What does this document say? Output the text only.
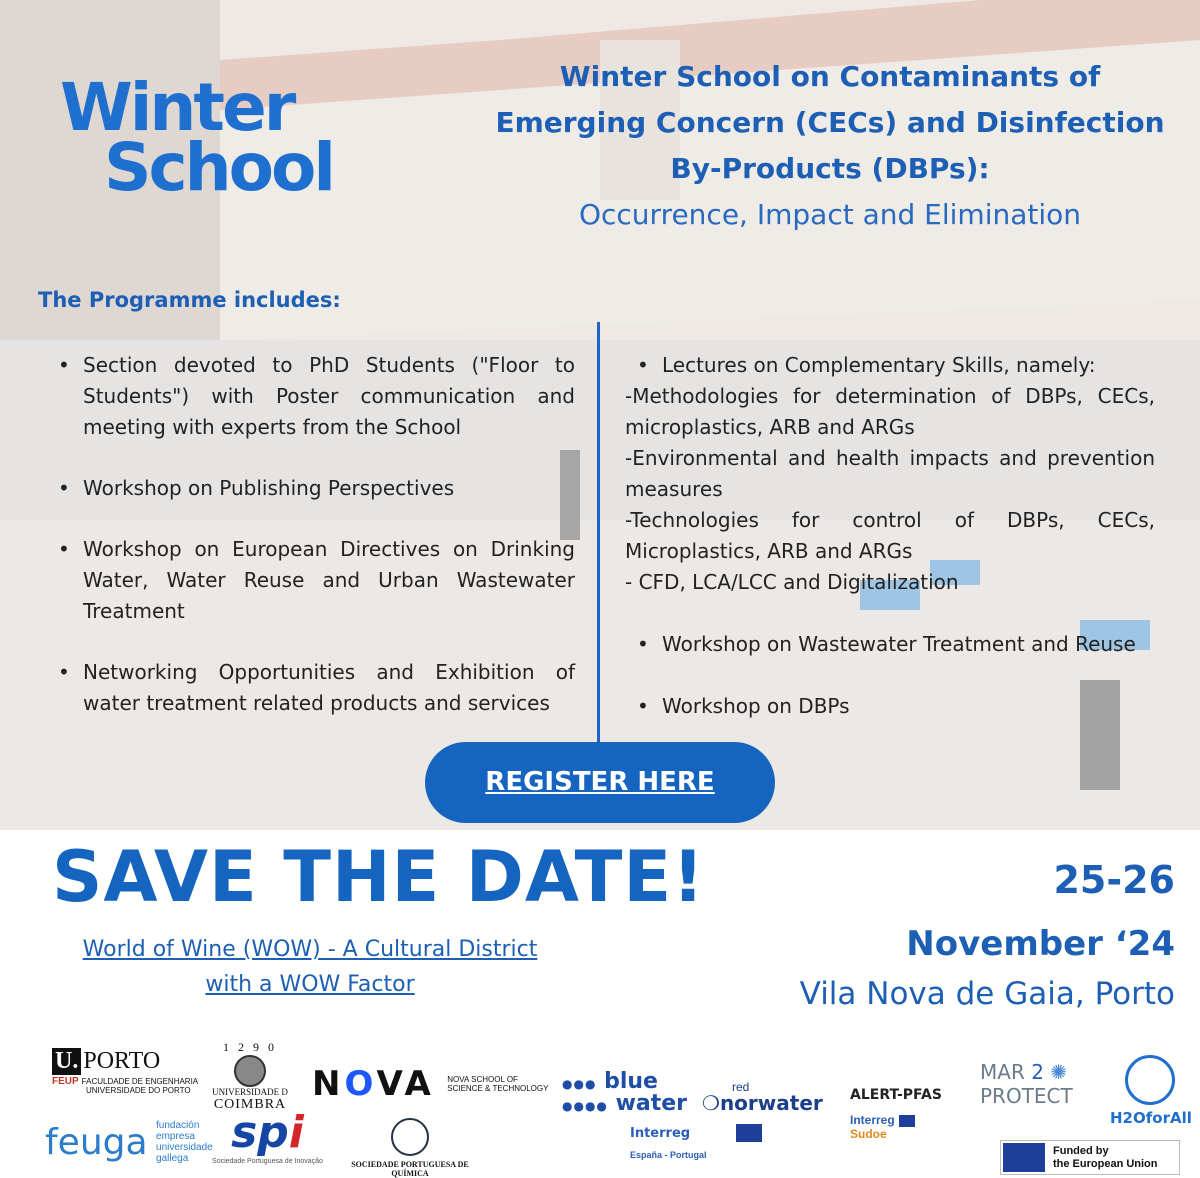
Winter
School
Winter School on Contaminants of
Emerging Concern (CECs) and Disinfection
By-Products (DBPs):
Occurrence, Impact and Elimination
The Programme includes:
• Section devoted to PhD Students ("Floor to Students") with Poster communication and meeting with experts from the School
• Workshop on Publishing Perspectives
• Workshop on European Directives on Drinking Water, Water Reuse and Urban Wastewater Treatment
• Networking Opportunities and Exhibition of water treatment related products and services
• Lectures on Complementary Skills, namely:
-Methodologies for determination of DBPs, CECs, microplastics, ARB and ARGs
-Environmental and health impacts and prevention measures
-Technologies for control of DBPs, CECs, Microplastics, ARB and ARGs
- CFD, LCA/LCC and Digitalization
• Workshop on Wastewater Treatment and Reuse
• Workshop on DBPs
REGISTER HERE
SAVE THE DATE!
World of Wine (WOW) - A Cultural District
with a WOW Factor
25-26
November ‘24
Vila Nova de Gaia, Porto
U. PORTO
FEUP FACULDADE DE ENGENHARIA
UNIVERSIDADE DO PORTO
1 2 9 0
UNIVERSIDADE D
COIMBRA
NOVA NOVA SCHOOL OF
SCIENCE & TECHNOLOGY
feuga fundación
empresa
universidade
gallega
spi
Sociedade Portuguesa de Inovação	SOCIEDADE PORTUGUESA DE QUÍMICA
●●● blue
●●●● water
red
❍norwater
Interreg
España - Portugal
ALERT-PFAS
Interreg
Sudoe
MAR 2 ✺
PROTECT
H2OforAll
Funded by
the European Union
